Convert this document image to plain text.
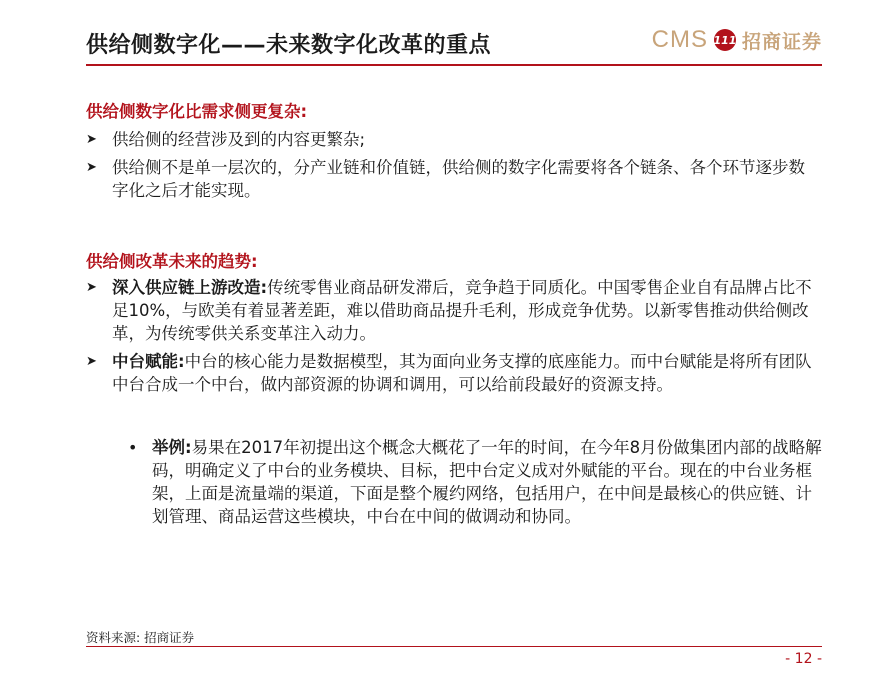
供给侧数字化——未来数字化改革的重点	CMS 111 招商证券
供给侧数字化比需求侧更复杂:
➤ 供给侧的经营涉及到的内容更繁杂;
➤ 供给侧不是单一层次的，分产业链和价值链，供给侧的数字化需要将各个链条、各个环节逐步数字化之后才能实现。
供给侧改革未来的趋势:
➤ 深入供应链上游改造:传统零售业商品研发滞后，竞争趋于同质化。中国零售企业自有品牌占比不足10%，与欧美有着显著差距，难以借助商品提升毛利，形成竞争优势。以新零售推动供给侧改革，为传统零供关系变革注入动力。
➤ 中台赋能:中台的核心能力是数据模型，其为面向业务支撑的底座能力。而中台赋能是将所有团队中台合成一个中台，做内部资源的协调和调用，可以给前段最好的资源支持。
• 举例:易果在2017年初提出这个概念大概花了一年的时间，在今年8月份做集团内部的战略解码，明确定义了中台的业务模块、目标，把中台定义成对外赋能的平台。现在的中台业务框架，上面是流量端的渠道，下面是整个履约网络，包括用户，在中间是最核心的供应链、计划管理、商品运营这些模块，中台在中间的做调动和协同。
资料来源: 招商证券
- 12 -
